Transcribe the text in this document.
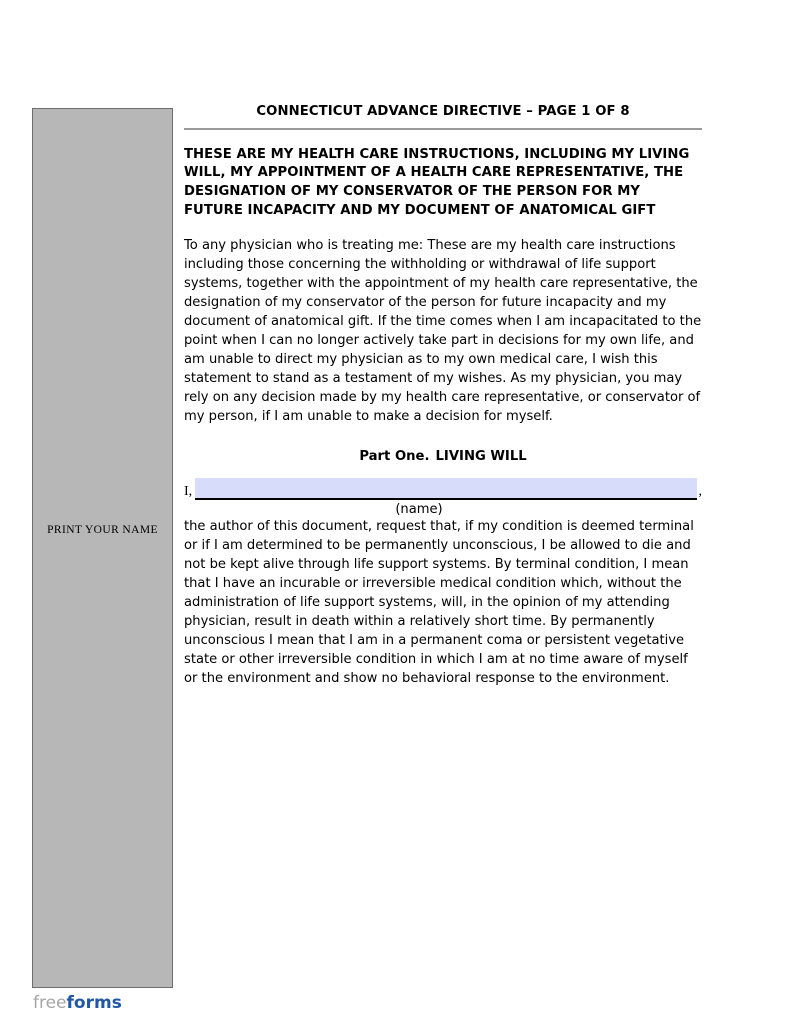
PRINT YOUR NAME
freeforms
CONNECTICUT ADVANCE DIRECTIVE – PAGE 1 OF 8
THESE ARE MY HEALTH CARE INSTRUCTIONS, INCLUDING MY LIVING WILL, MY APPOINTMENT OF A HEALTH CARE REPRESENTATIVE, THE DESIGNATION OF MY CONSERVATOR OF THE PERSON FOR MY FUTURE INCAPACITY AND MY DOCUMENT OF ANATOMICAL GIFT
To any physician who is treating me: These are my health care instructions including those concerning the withholding or withdrawal of life support systems, together with the appointment of my health care representative, the designation of my conservator of the person for future incapacity and my document of anatomical gift. If the time comes when I am incapacitated to the point when I can no longer actively take part in decisions for my own life, and am unable to direct my physician as to my own medical care, I wish this statement to stand as a testament of my wishes. As my physician, you may rely on any decision made by my health care representative, or conservator of my person, if I am unable to make a decision for myself.
Part One. LIVING WILL
I,	,
(name)
the author of this document, request that, if my condition is deemed terminal or if I am determined to be permanently unconscious, I be allowed to die and not be kept alive through life support systems. By terminal condition, I mean that I have an incurable or irreversible medical condition which, without the administration of life support systems, will, in the opinion of my attending physician, result in death within a relatively short time. By permanently unconscious I mean that I am in a permanent coma or persistent vegetative state or other irreversible condition in which I am at no time aware of myself or the environment and show no behavioral response to the environment.
